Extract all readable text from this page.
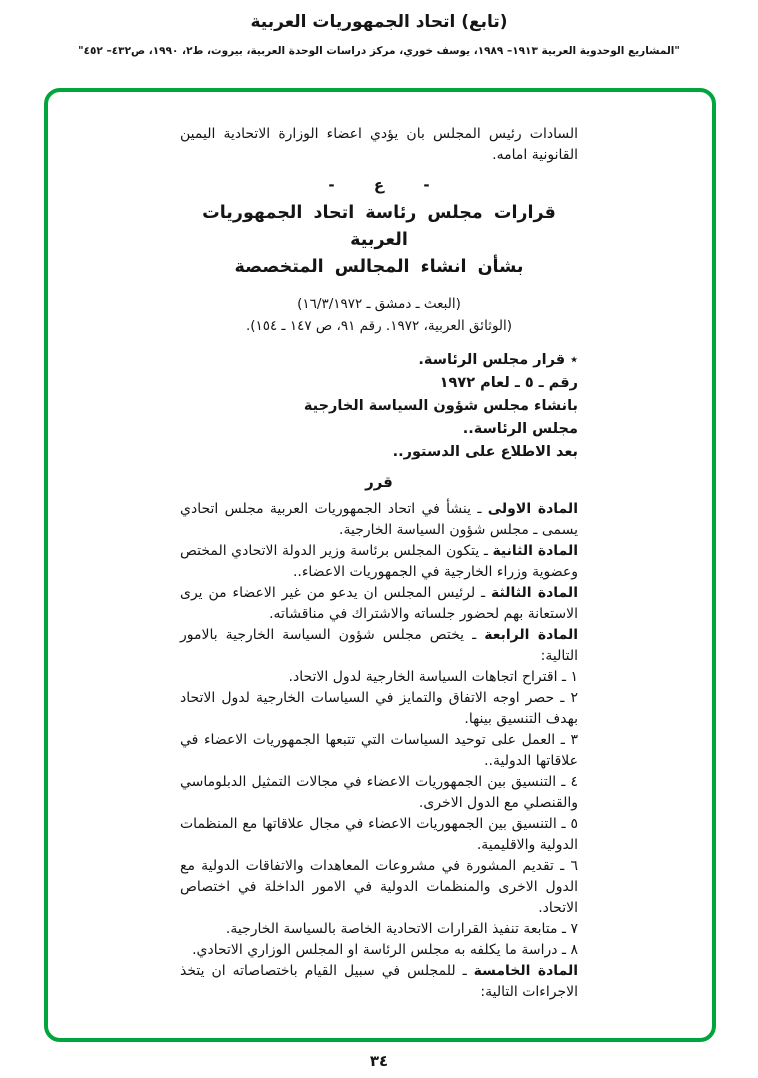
(تابع) اتحاد الجمهوريات العربية
"المشاريع الوحدوية العربية ١٩١٣– ١٩٨٩، يوسف خوري، مركز دراسات الوحدة العربية، بيروت، ط٢، ١٩٩٠، ص٤٣٢– ٤٥٢"

السادات رئيس المجلس بان يؤدي اعضاء الوزارة الاتحادية اليمين القانونية امامه.

- ع -
قرارات مجلس رئاسة اتحاد الجمهوريات العربية
بشأن انشاء المجالس المتخصصة

(البعث ـ دمشق ـ ١٦/٣/١٩٧٢)

(الوثائق العربية، ١٩٧٢. رقم ٩١، ص ١٤٧ ـ ١٥٤).

٭قرار مجلس الرئاسة.

رقم ـ ٥ ـ لعام ١٩٧٢

بانشاء مجلس شؤون السياسة الخارجية

مجلس الرئاسة..

بعد الاطلاع على الدستور..

قرر

المادة الاولى ـ ينشأ في اتحاد الجمهوريات العربية مجلس اتحادي يسمى ـ مجلس شؤون السياسة الخارجية.

المادة الثانية ـ يتكون المجلس برئاسة وزير الدولة الاتحادي المختص وعضوية وزراء الخارجية في الجمهوريات الاعضاء..

المادة الثالثة ـ لرئيس المجلس ان يدعو من غير الاعضاء من يرى الاستعانة بهم لحضور جلساته والاشتراك في مناقشاته.

المادة الرابعة ـ يختص مجلس شؤون السياسة الخارجية بالامور التالية:

١ ـ اقتراح اتجاهات السياسة الخارجية لدول الاتحاد.

٢ ـ حصر اوجه الاتفاق والتمايز في السياسات الخارجية لدول الاتحاد بهدف التنسيق بينها.

٣ ـ العمل على توحيد السياسات التي تتبعها الجمهوريات الاعضاء في علاقاتها الدولية..

٤ ـ التنسيق بين الجمهوريات الاعضاء في مجالات التمثيل الدبلوماسي والقنصلي مع الدول الاخرى.

٥ ـ التنسيق بين الجمهوريات الاعضاء في مجال علاقاتها مع المنظمات الدولية والاقليمية.

٦ ـ تقديم المشورة في مشروعات المعاهدات والاتفاقات الدولية مع الدول الاخرى والمنظمات الدولية في الامور الداخلة في اختصاص الاتحاد.

٧ ـ متابعة تنفيذ القرارات الاتحادية الخاصة بالسياسة الخارجية.

٨ ـ دراسة ما يكلفه به مجلس الرئاسة او المجلس الوزاري الاتحادي.

المادة الخامسة ـ للمجلس في سبيل القيام باختصاصاته ان يتخذ الاجراءات التالية:

٣٤
